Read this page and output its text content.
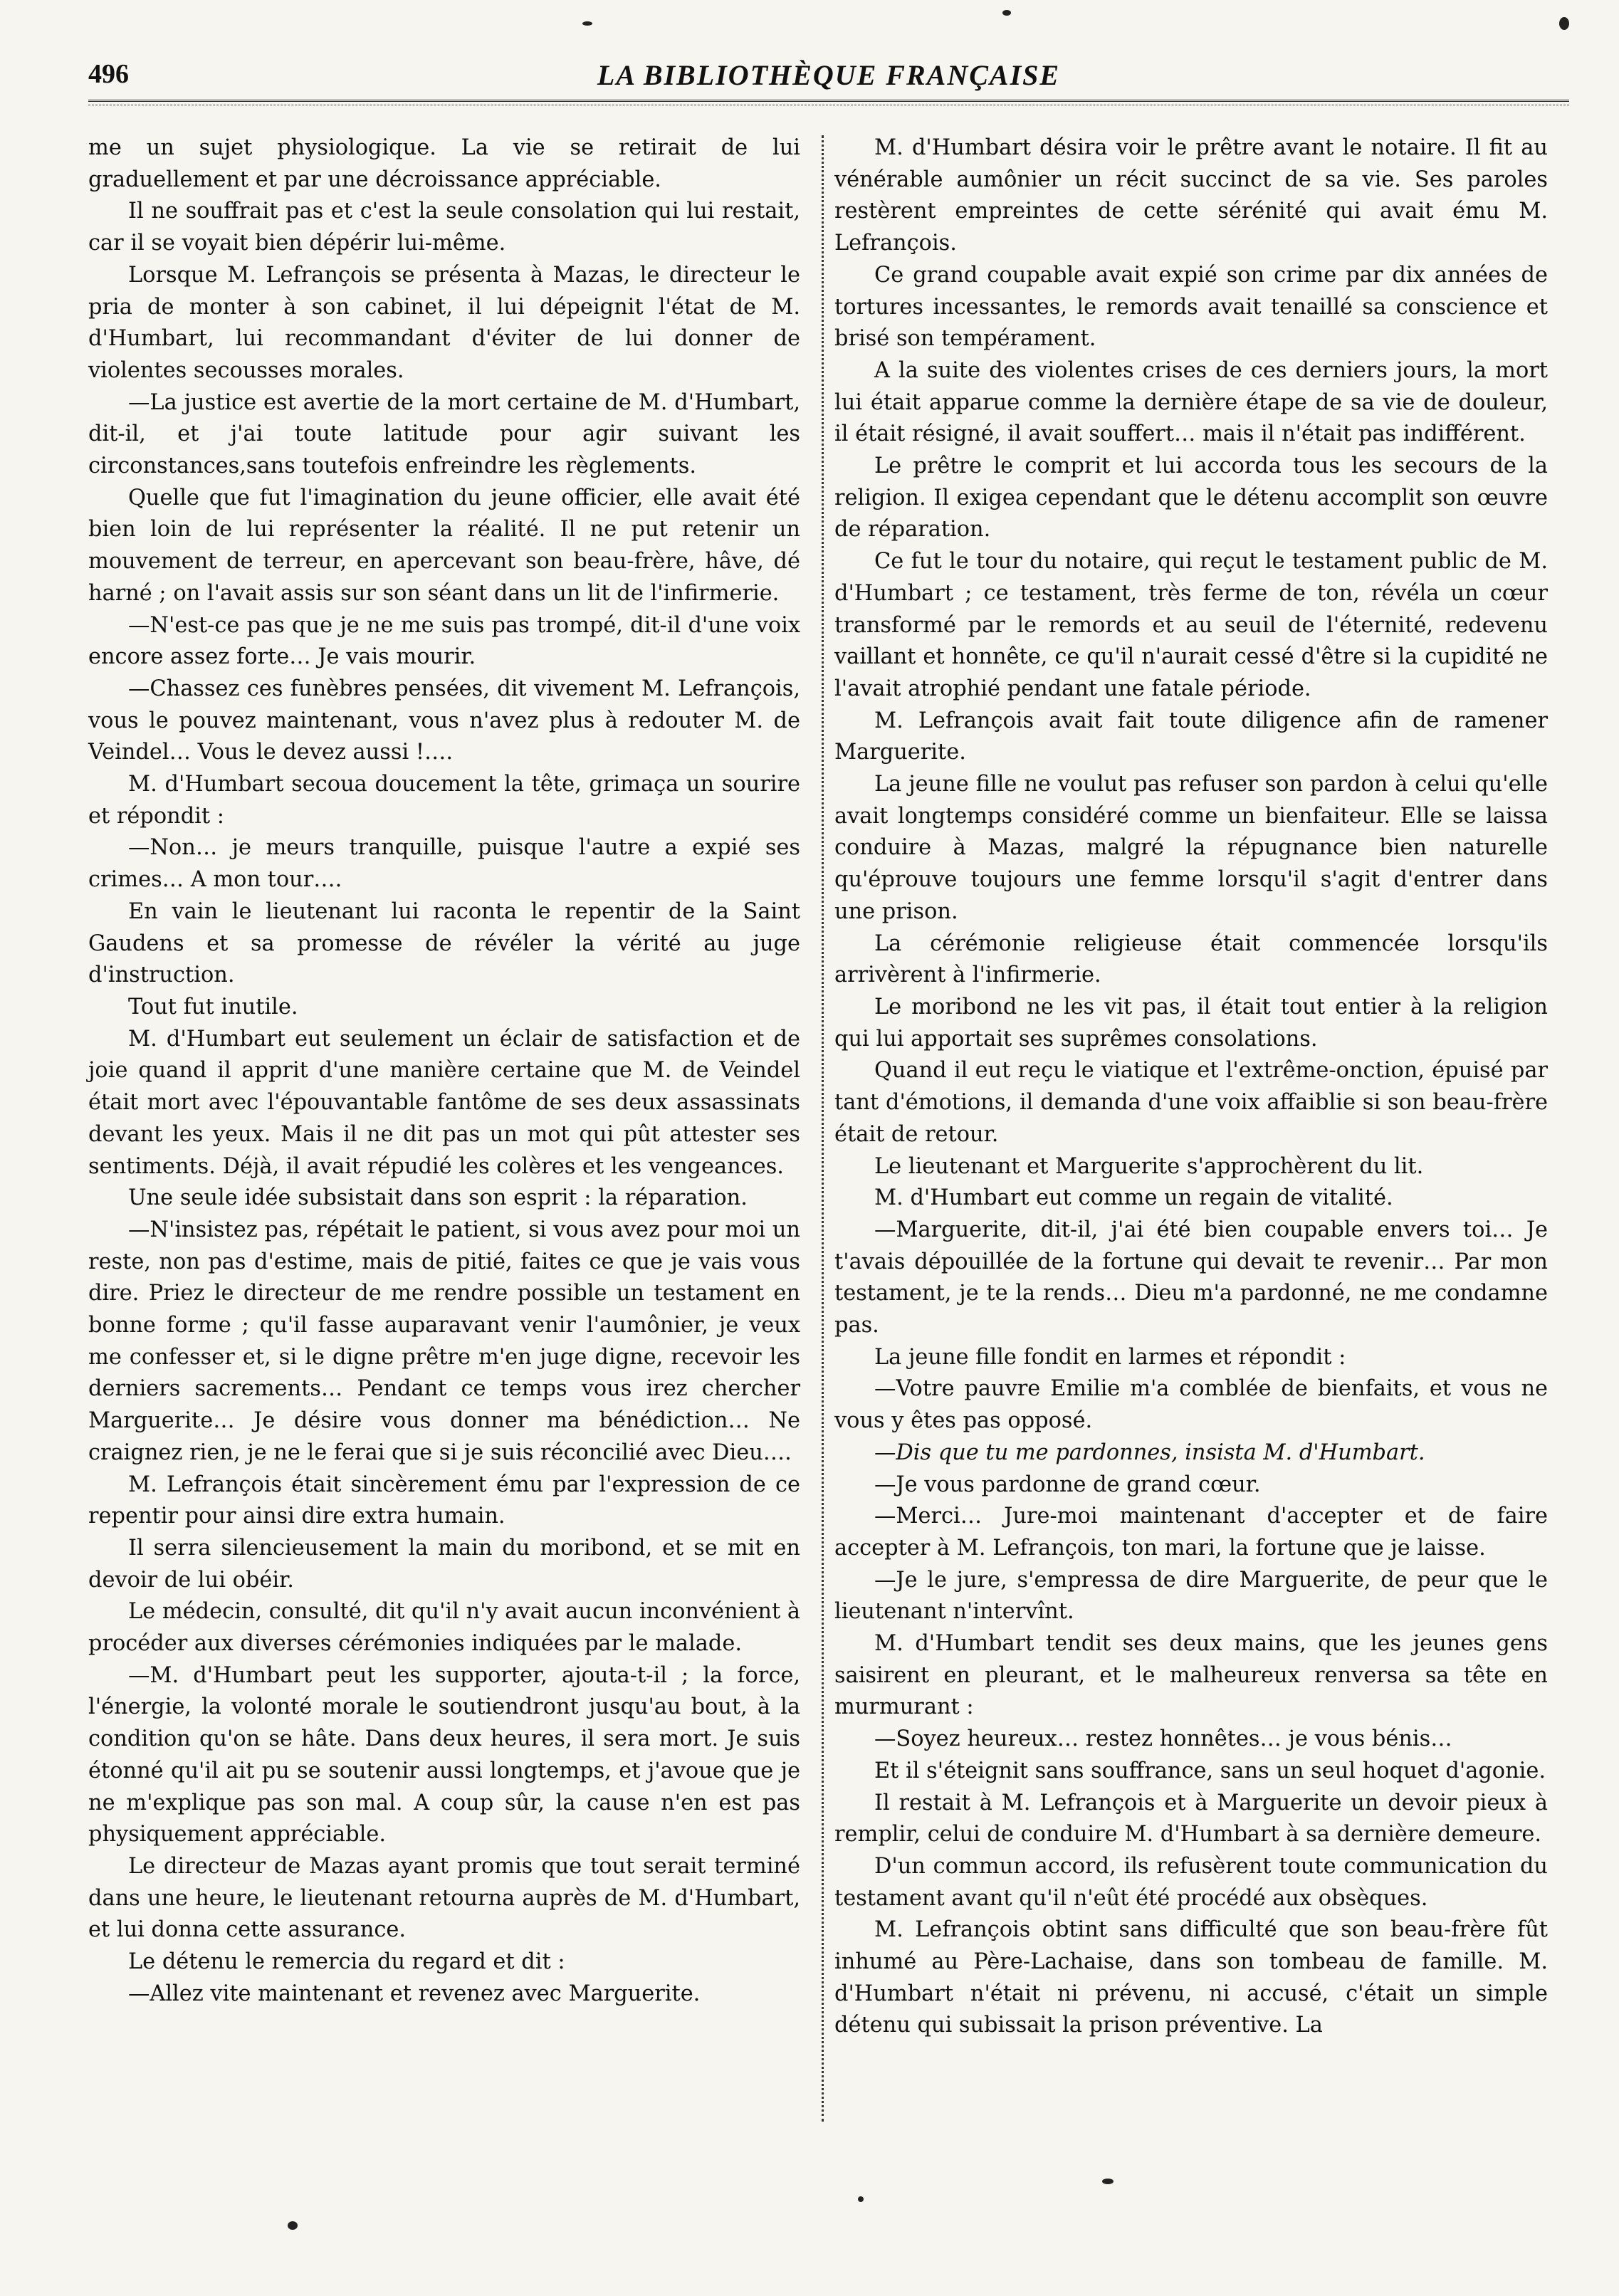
496	LA BIBLIOTHÈQUE FRANÇAISE

me un sujet physiologique. La vie se retirait de lui graduellement et par une décroissance appréciable.

Il ne souffrait pas et c'est la seule consolation qui lui restait, car il se voyait bien dépérir lui-même.

Lorsque M. Lefrançois se présenta à Mazas, le directeur le pria de monter à son cabinet, il lui dépeignit l'état de M. d'Humbart, lui recommandant d'éviter de lui donner de violentes secousses morales.

—La justice est avertie de la mort certaine de M. d'Humbart, dit-il, et j'ai toute latitude pour agir suivant les circonstances,sans toutefois enfreindre les règlements.

Quelle que fut l'imagination du jeune officier, elle avait été bien loin de lui représenter la réalité. Il ne put retenir un mouvement de terreur, en apercevant son beau-frère, hâve, dé harné ; on l'avait assis sur son séant dans un lit de l'infirmerie.

—N'est-ce pas que je ne me suis pas trompé, dit-il d'une voix encore assez forte… Je vais mourir.

—Chassez ces funèbres pensées, dit vivement M. Lefrançois, vous le pouvez maintenant, vous n'avez plus à redouter M. de Veindel… Vous le devez aussi !….

M. d'Humbart secoua doucement la tête, grimaça un sourire et répondit :

—Non… je meurs tranquille, puisque l'autre a expié ses crimes… A mon tour….

En vain le lieutenant lui raconta le repentir de la Saint Gaudens et sa promesse de révéler la vérité au juge d'instruction.

Tout fut inutile.

M. d'Humbart eut seulement un éclair de satisfaction et de joie quand il apprit d'une manière certaine que M. de Veindel était mort avec l'épouvantable fantôme de ses deux assassinats devant les yeux. Mais il ne dit pas un mot qui pût attester ses sentiments. Déjà, il avait répudié les colères et les vengeances.

Une seule idée subsistait dans son esprit : la réparation.

—N'insistez pas, répétait le patient, si vous avez pour moi un reste, non pas d'estime, mais de pitié, faites ce que je vais vous dire. Priez le directeur de me rendre possible un testament en bonne forme ; qu'il fasse auparavant venir l'aumônier, je veux me confesser et, si le digne prêtre m'en juge digne, recevoir les derniers sacrements… Pendant ce temps vous irez chercher Marguerite… Je désire vous donner ma bénédiction… Ne craignez rien, je ne le ferai que si je suis réconcilié avec Dieu….

M. Lefrançois était sincèrement ému par l'expression de ce repentir pour ainsi dire extra humain.

Il serra silencieusement la main du moribond, et se mit en devoir de lui obéir.

Le médecin, consulté, dit qu'il n'y avait aucun inconvénient à procéder aux diverses cérémonies indiquées par le malade.

—M. d'Humbart peut les supporter, ajouta-t-il ; la force, l'énergie, la volonté morale le soutiendront jusqu'au bout, à la condition qu'on se hâte. Dans deux heures, il sera mort. Je suis étonné qu'il ait pu se soutenir aussi longtemps, et j'avoue que je ne m'explique pas son mal. A coup sûr, la cause n'en est pas physiquement appréciable.

Le directeur de Mazas ayant promis que tout serait terminé dans une heure, le lieutenant retourna auprès de M. d'Humbart, et lui donna cette assurance.

Le détenu le remercia du regard et dit :

—Allez vite maintenant et revenez avec Marguerite.

M. d'Humbart désira voir le prêtre avant le notaire. Il fit au vénérable aumônier un récit succinct de sa vie. Ses paroles restèrent empreintes de cette sérénité qui avait ému M. Lefrançois.

Ce grand coupable avait expié son crime par dix années de tortures incessantes, le remords avait tenaillé sa conscience et brisé son tempérament.

A la suite des violentes crises de ces derniers jours, la mort lui était apparue comme la dernière étape de sa vie de douleur, il était résigné, il avait souffert… mais il n'était pas indifférent.

Le prêtre le comprit et lui accorda tous les secours de la religion. Il exigea cependant que le détenu accomplit son œuvre de réparation.

Ce fut le tour du notaire, qui reçut le testament public de M. d'Humbart ; ce testament, très ferme de ton, révéla un cœur transformé par le remords et au seuil de l'éternité, redevenu vaillant et honnête, ce qu'il n'aurait cessé d'être si la cupidité ne l'avait atrophié pendant une fatale période.

M. Lefrançois avait fait toute diligence afin de ramener Marguerite.

La jeune fille ne voulut pas refuser son pardon à celui qu'elle avait longtemps considéré comme un bienfaiteur. Elle se laissa conduire à Mazas, malgré la répugnance bien naturelle qu'éprouve toujours une femme lorsqu'il s'agit d'entrer dans une prison.

La cérémonie religieuse était commencée lorsqu'ils arrivèrent à l'infirmerie.

Le moribond ne les vit pas, il était tout entier à la religion qui lui apportait ses suprêmes consolations.

Quand il eut reçu le viatique et l'extrême-onction, épuisé par tant d'émotions, il demanda d'une voix affaiblie si son beau-frère était de retour.

Le lieutenant et Marguerite s'approchèrent du lit.

M. d'Humbart eut comme un regain de vitalité.

—Marguerite, dit-il, j'ai été bien coupable envers toi… Je t'avais dépouillée de la fortune qui devait te revenir… Par mon testament, je te la rends… Dieu m'a pardonné, ne me condamne pas.

La jeune fille fondit en larmes et répondit :

—Votre pauvre Emilie m'a comblée de bienfaits, et vous ne vous y êtes pas opposé.

—Dis que tu me pardonnes, insista M. d'Humbart.

—Je vous pardonne de grand cœur.

—Merci… Jure-moi maintenant d'accepter et de faire accepter à M. Lefrançois, ton mari, la fortune que je laisse.

—Je le jure, s'empressa de dire Marguerite, de peur que le lieutenant n'intervînt.

M. d'Humbart tendit ses deux mains, que les jeunes gens saisirent en pleurant, et le malheureux renversa sa tête en murmurant :

—Soyez heureux… restez honnêtes… je vous bénis…

Et il s'éteignit sans souffrance, sans un seul hoquet d'agonie.

Il restait à M. Lefrançois et à Marguerite un devoir pieux à remplir, celui de conduire M. d'Humbart à sa dernière demeure.

D'un commun accord, ils refusèrent toute communication du testament avant qu'il n'eût été procédé aux obsèques.

M. Lefrançois obtint sans difficulté que son beau-frère fût inhumé au Père-Lachaise, dans son tombeau de famille. M. d'Humbart n'était ni prévenu, ni accusé, c'était un simple détenu qui subissait la prison préventive. La
